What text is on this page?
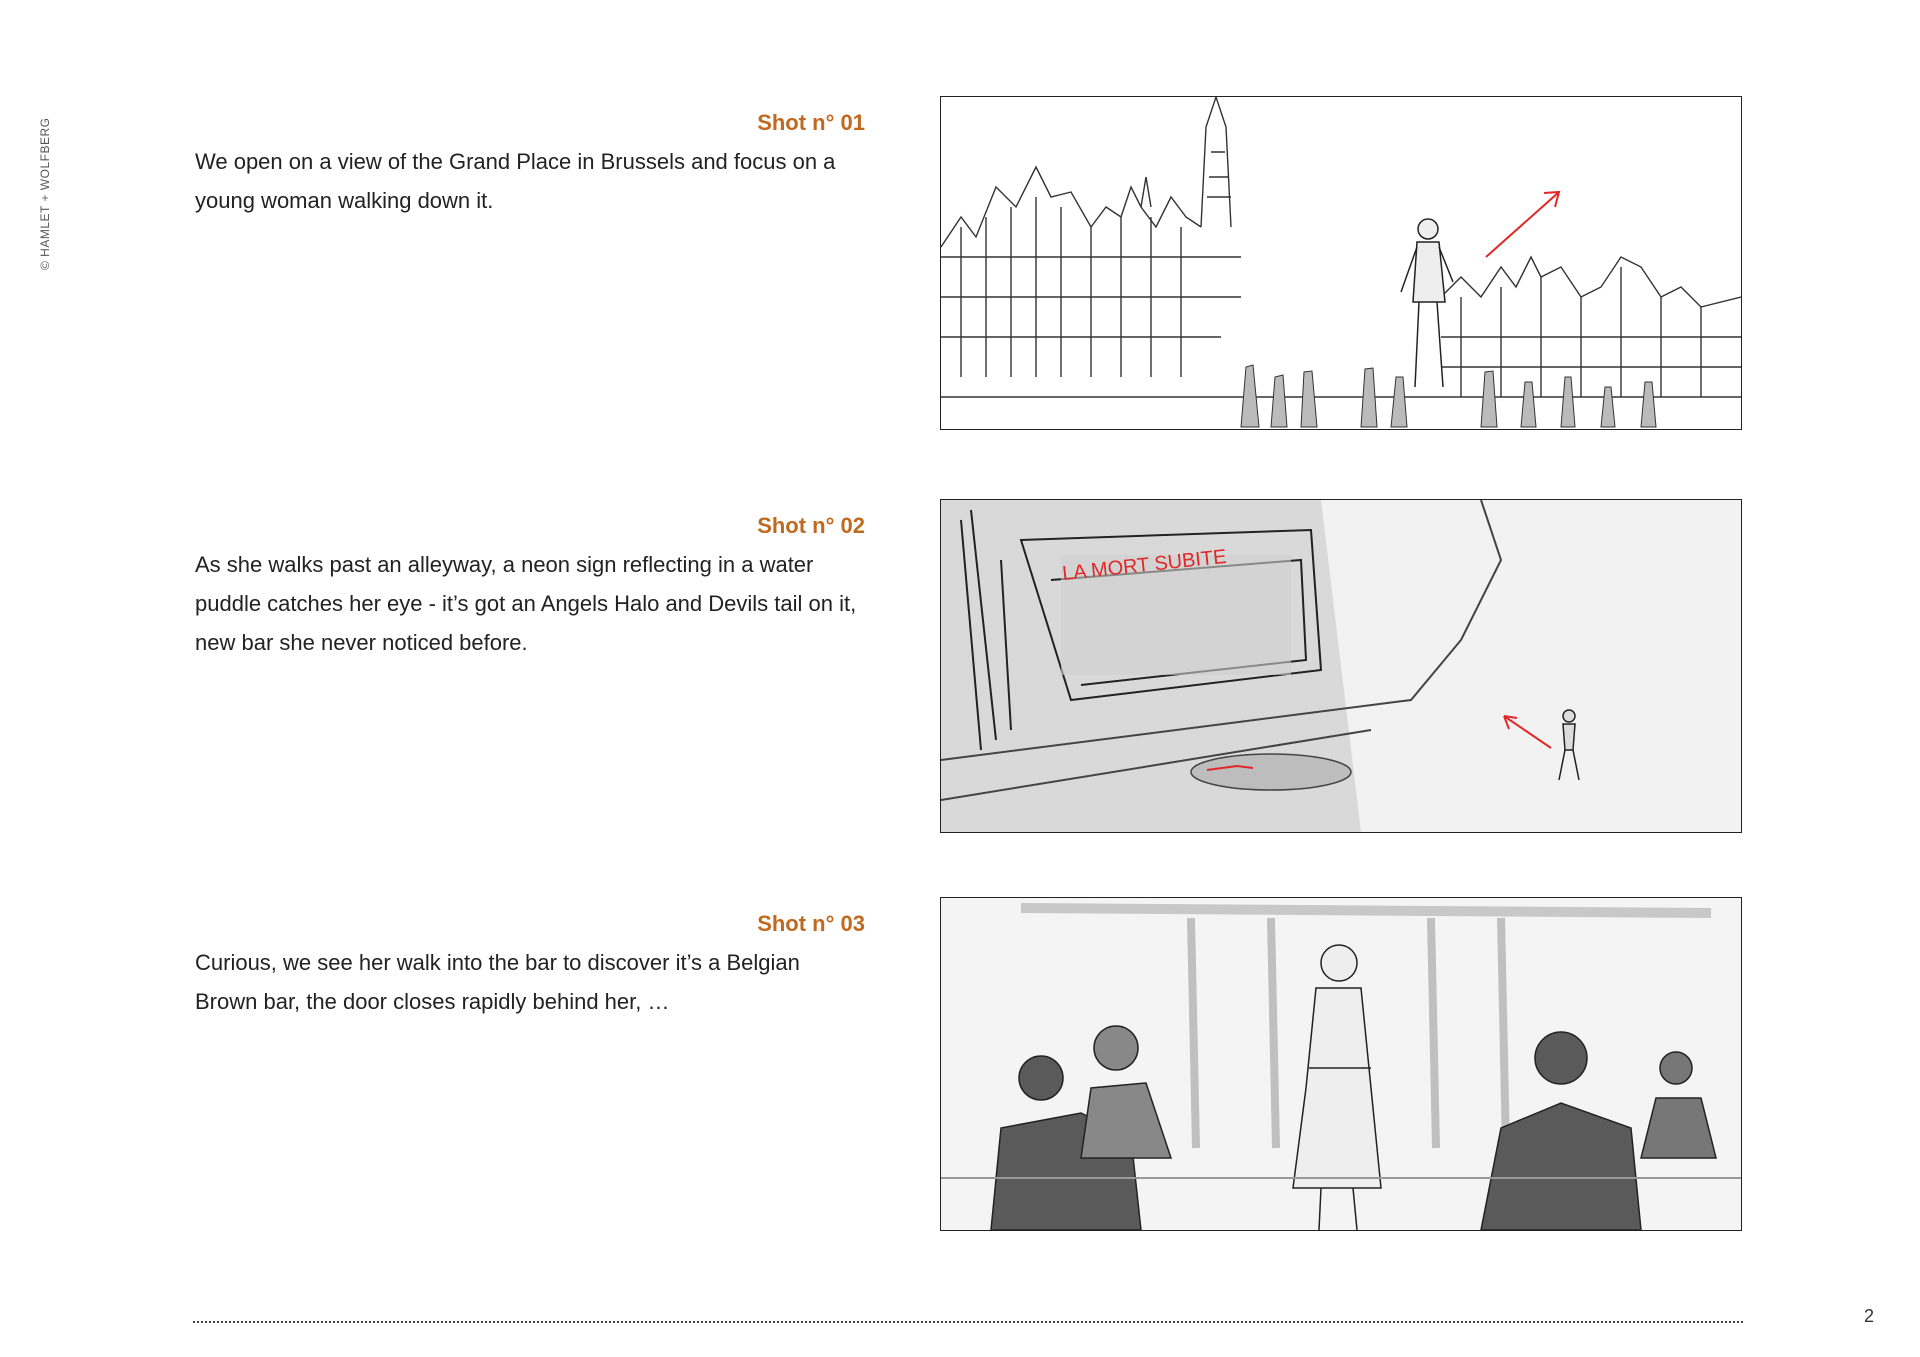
© HAMLET + WOLFBERG	Shot n° 01
We open on a view of the Grand Place in Brussels and focus on a young woman walking down it.
Shot n° 02
As she walks past an alleyway, a neon sign reflecting in a water puddle catches her eye - it’s got an Angels Halo and Devils tail on it, new bar she never noticed before.
LA MORT SUBITE
Shot n° 03
Curious, we see her walk into the bar to discover it’s a Belgian Brown bar, the door closes rapidly behind her, …
2
